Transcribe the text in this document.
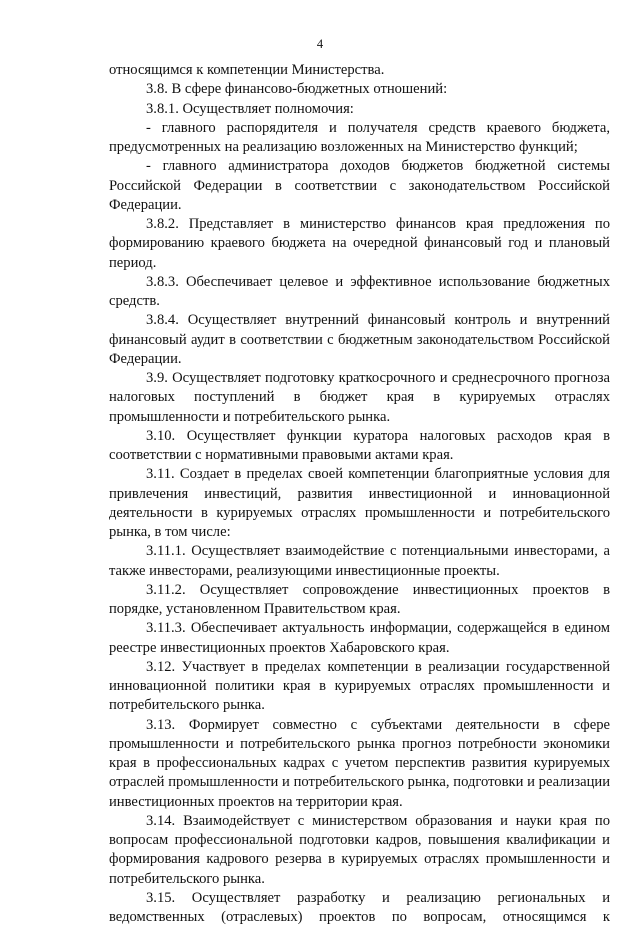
4

относящимся к компетенции Министерства.

3.8. В сфере финансово-бюджетных отношений:

3.8.1. Осуществляет полномочия:

- главного распорядителя и получателя средств краевого бюджета, предусмотренных на реализацию возложенных на Министерство функций;

- главного администратора доходов бюджетов бюджетной системы Российской Федерации в соответствии с законодательством Российской Федерации.

3.8.2. Представляет в министерство финансов края предложения по формированию краевого бюджета на очередной финансовый год и плановый период.

3.8.3. Обеспечивает целевое и эффективное использование бюджетных средств.

3.8.4. Осуществляет внутренний финансовый контроль и внутренний финансовый аудит в соответствии с бюджетным законодательством Российской Федерации.

3.9. Осуществляет подготовку краткосрочного и среднесрочного прогноза налоговых поступлений в бюджет края в курируемых отраслях промышленности и потребительского рынка.

3.10. Осуществляет функции куратора налоговых расходов края в соответствии с нормативными правовыми актами края.

3.11. Создает в пределах своей компетенции благоприятные условия для привлечения инвестиций, развития инвестиционной и инновационной деятельности в курируемых отраслях промышленности и потребительского рынка, в том числе:

3.11.1. Осуществляет взаимодействие с потенциальными инвесторами, а также инвесторами, реализующими инвестиционные проекты.

3.11.2. Осуществляет сопровождение инвестиционных проектов в порядке, установленном Правительством края.

3.11.3. Обеспечивает актуальность информации, содержащейся в едином реестре инвестиционных проектов Хабаровского края.

3.12. Участвует в пределах компетенции в реализации государственной инновационной политики края в курируемых отраслях промышленности и потребительского рынка.

3.13. Формирует совместно с субъектами деятельности в сфере промышленности и потребительского рынка прогноз потребности экономики края в профессиональных кадрах с учетом перспектив развития курируемых отраслей промышленности и потребительского рынка, подготовки и реализации инвестиционных проектов на территории края.

3.14. Взаимодействует с министерством образования и науки края по вопросам профессиональной подготовки кадров, повышения квалификации и формирования кадрового резерва в курируемых отраслях промышленности и потребительского рынка.

3.15. Осуществляет разработку и реализацию региональных и ведомственных (отраслевых) проектов по вопросам, относящимся к
